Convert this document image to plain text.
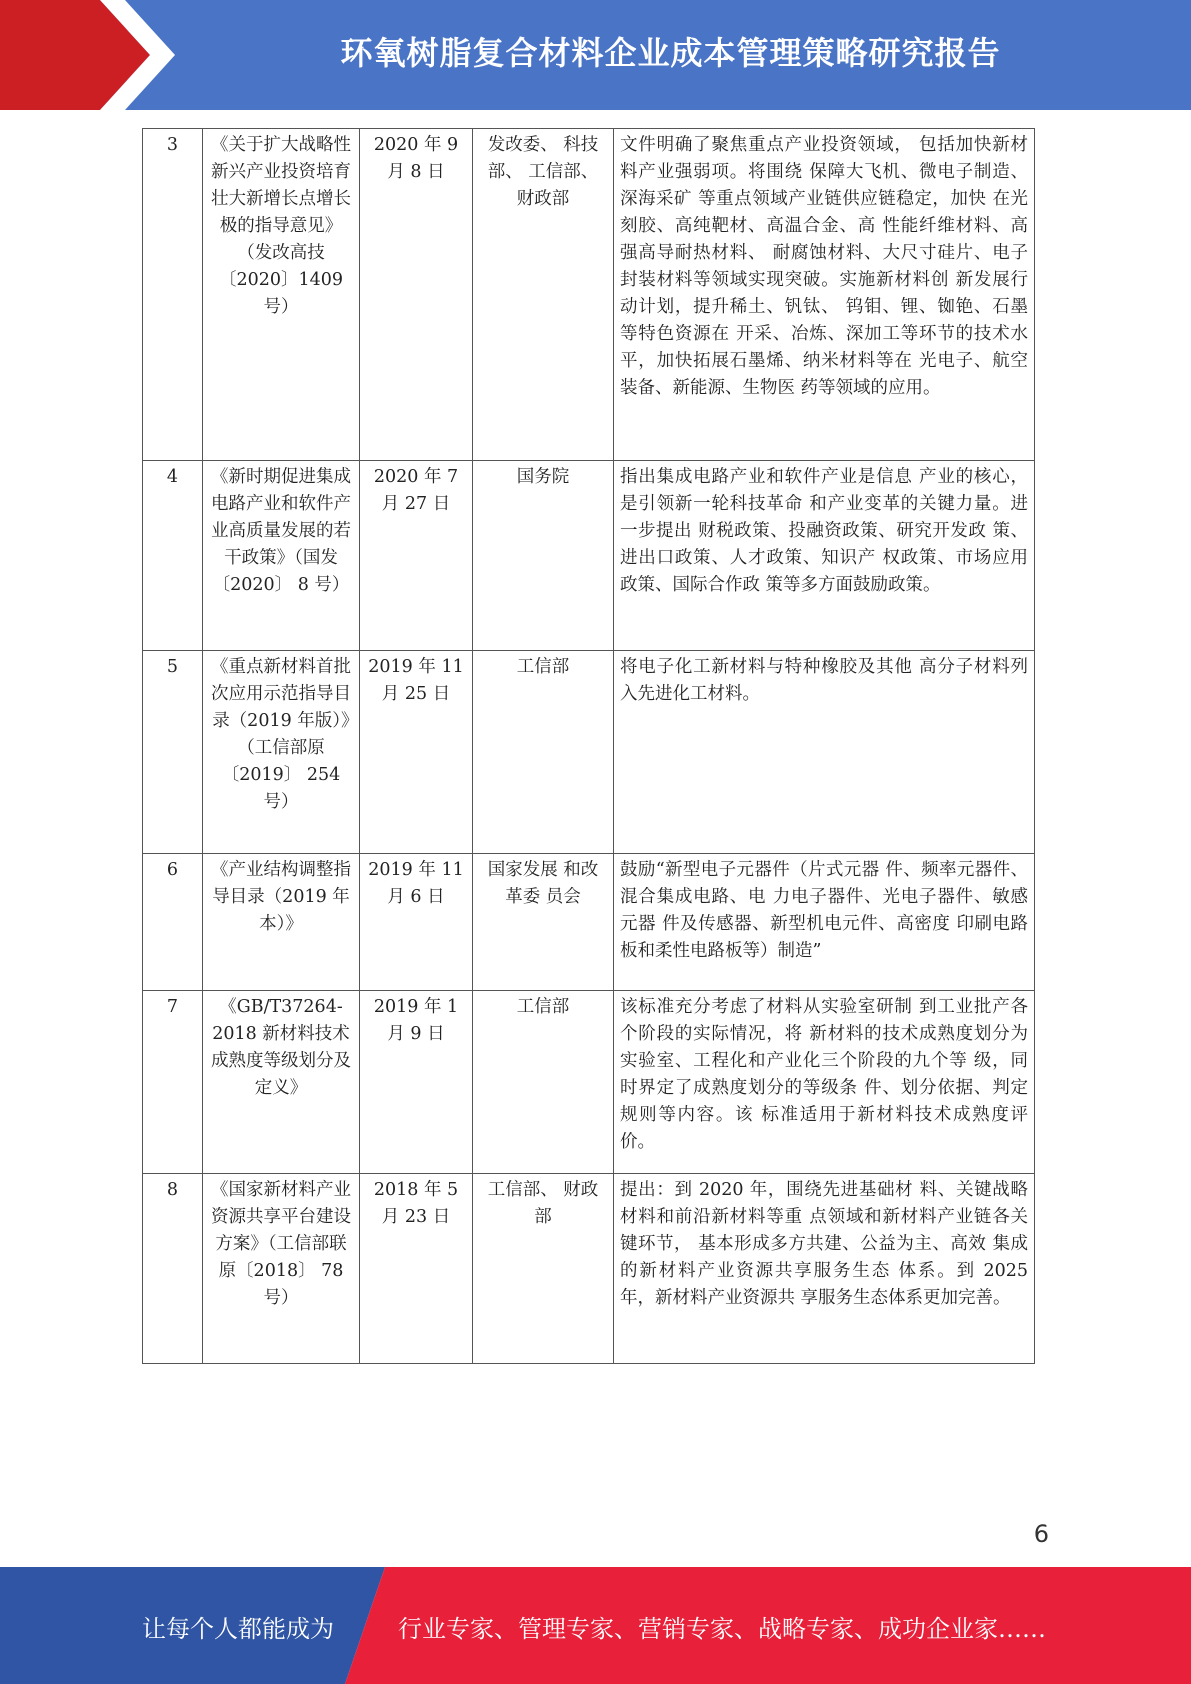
环氧树脂复合材料企业成本管理策略研究报告
3	《关于扩大战略性新兴产业投资培育壮大新增长点增长极的指导意见》（发改高技〔2020〕1409 号）	2020 年 9 月 8 日	发改委、 科技部、 工信部、 财政部	文件明确了聚焦重点产业投资领域， 包括加快新材料产业强弱项。将围绕 保障大飞机、微电子制造、深海采矿 等重点领域产业链供应链稳定，加快 在光刻胶、高纯靶材、高温合金、高 性能纤维材料、高强高导耐热材料、 耐腐蚀材料、大尺寸硅片、电子封装材料等领域实现突破。实施新材料创 新发展行动计划，提升稀土、钒钛、 钨钼、锂、铷铯、石墨等特色资源在 开采、冶炼、深加工等环节的技术水 平，加快拓展石墨烯、纳米材料等在 光电子、航空装备、新能源、生物医 药等领域的应用。
4	《新时期促进集成电路产业和软件产业高质量发展的若干政策》（国发〔2020〕 8 号）	2020 年 7 月 27 日	国务院	指出集成电路产业和软件产业是信息 产业的核心，是引领新一轮科技革命 和产业变革的关键力量。进一步提出 财税政策、投融资政策、研究开发政 策、进出口政策、人才政策、知识产 权政策、市场应用政策、国际合作政 策等多方面鼓励政策。
5	《重点新材料首批次应用示范指导目录（2019 年版）》（工信部原〔2019〕 254 号）	2019 年 11 月 25 日	工信部	将电子化工新材料与特种橡胶及其他 高分子材料列入先进化工材料。
6	《产业结构调整指导目录（2019 年本）》	2019 年 11 月 6 日	国家发展 和改革委 员会	鼓励“新型电子元器件（片式元器 件、频率元器件、混合集成电路、电 力电子器件、光电子器件、敏感元器 件及传感器、新型机电元件、高密度 印刷电路板和柔性电路板等）制造”
7	《GB/T37264-2018 新材料技术成熟度等级划分及定义》	2019 年 1 月 9 日	工信部	该标准充分考虑了材料从实验室研制 到工业批产各个阶段的实际情况，将 新材料的技术成熟度划分为实验室、工程化和产业化三个阶段的九个等 级，同时界定了成熟度划分的等级条 件、划分依据、判定规则等内容。该 标准适用于新材料技术成熟度评价。
8	《国家新材料产业资源共享平台建设方案》（工信部联原〔2018〕 78 号）	2018 年 5 月 23 日	工信部、 财政部	提出：到 2020 年，围绕先进基础材 料、关键战略材料和前沿新材料等重 点领域和新材料产业链各关键环节， 基本形成多方共建、公益为主、高效 集成的新材料产业资源共享服务生态 体系。到 2025 年，新材料产业资源共 享服务生态体系更加完善。
6
让每个人都能成为	行业专家、管理专家、营销专家、战略专家、成功企业家……
